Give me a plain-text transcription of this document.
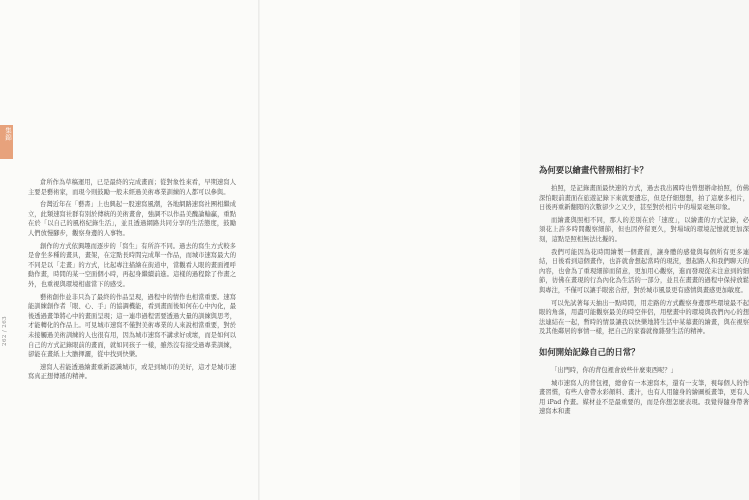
集錦
262 / 263

倉所作為草稿運用，已是最終的完成畫面；從對象性來看，早期速寫人主要是藝術家，而現今則鼓勵一般未經過美術專業訓練的人都可以參與。

台灣近年在「藝書」上也興起一股速寫風潮，各地網路速寫社團相繼成立，此類速寫社群有別於傳統的美術畫會，強調不以作品美醜論輸贏，重點在於「以自己的風格紀錄生活」，並且透過網路共同分享的生活態度，鼓勵人們放慢腳步，觀察身邊的人事物。

創作的方式依興趣而逐步的「寫生」有所許不同。過去的寫生方式較多是會坐多種的畫具，畫架，在定點長時間完成單一作品，而城市速寫最大的不同是以「走畫」的方式，比起專注描繪在街道中，當觀看人眼的畫面裡呼動作畫，時間的某一空面個小時，再起身繼續前進。這樣的過程除了作畫之外，也重視與環境相處當下的感受。

藝術創作並非只為了最終的作品呈現，過程中的情作也相當重要。速寫能訓練創作者「眼、心、手」的協調機能，看到畫面後如何在心中內化，最後透過畫筆將心中的畫面呈現；這一連串過程需要透過大量的訓練與思考，才能轉化的作品上。可見城市速寫不僅對美術專業的人來說相當重要，對於未接觸過美術訓練的人也很有用，因為城市速寫不講求好或壞，而是如何以自己的方式記錄眼前的畫面，就如同孩子一樣，雖然沒有接受過專業訓練，卻能在畫紙上大膽揮灑，從中找到快樂。

速寫人若能透過繪畫重新認識城市，或是到城市的美好，這才是城市速寫真正想傳遞的精神。

為何要以繪畫代替照相打卡？

拍照，是記錄畫面最快速的方式，過去我出國時也曾想辦命拍照，仿佛深怕眼前畫面在旅遊記錄下來就要遺忘，但是仔細想想，拍了這麼多相片，日後再重新翻閱的次數卻少之又少，甚至對於相片中的場景毫無印象。

而繪畫與照相不同，那人的差別在於「速度」，以繪畫的方式記錄，必須花上許多時間觀察細節，但也因停留更久，對場域的環境記憶就更加深刻，這點是照相無法比擬的。

我們可能因為花時間繪製一個畫面，讓身體的感覺與每個所有更多連結，日後看到這個畫作，也許就會想起當時的現況，想起路人和我們聊天的內容，也會為了重現細節而留意，更加用心觀察，進而發現從未注意到的細節，彷佛在畫現的行為內化為生活的一部分，並且在畫畫的過程中保持放鬆與專注，不僅可以讓手眼密合舒，對於城市風景更有感情與畫感更加敏度。

可以先試著每天抽出一點時間，用走路的方式觀察身邊那些環境最不起眼的角落，用盡可能觀察最美的時空伴侶，用壁畫中的環境與我們內心的想法連結在一起，暫時的情景讓我以快樂地將生活中某幕畫的繪畫，與在視察及其他鄰居的事情一樣，把自己的家養就像雜發生活的精神。

如何開始記錄自己的日常？

「出門時，你的背包裡會放些什麼東西呢？」

城市速寫人的背包裡，總會有一本速寫本，還有一支筆，視每個人的作畫習慣，有些人會帶水彩顏料、畫汁，也有人用隨身的繪圖板畫筆，更有人用 iPad 作畫。媒材並不是最重要的，而是你想怎麼表現。我覺得隨身帶著速寫本和畫
